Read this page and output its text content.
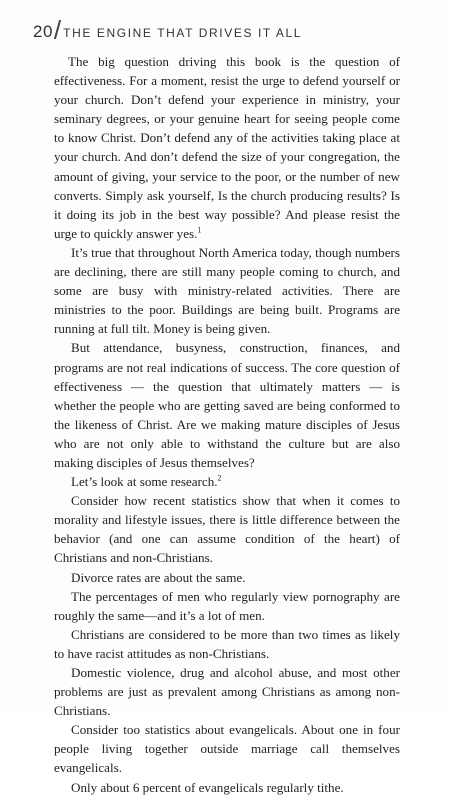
20 / THE ENGINE THAT DRIVES IT ALL

The big question driving this book is the question of effectiveness. For a moment, resist the urge to defend yourself or your church. Don’t defend your experience in ministry, your seminary degrees, or your genuine heart for seeing people come to know Christ. Don’t defend any of the activities taking place at your church. And don’t defend the size of your congregation, the amount of giving, your service to the poor, or the number of new converts. Simply ask yourself, Is the church producing results? Is it doing its job in the best way possible? And please resist the urge to quickly answer yes.$^1$

It’s true that throughout North America today, though numbers are declining, there are still many people coming to church, and some are busy with ministry-related activities. There are ministries to the poor. Buildings are being built. Programs are running at full tilt. Money is being given.

But attendance, busyness, construction, finances, and programs are not real indications of success. The core question of effectiveness — the question that ultimately matters — is whether the people who are getting saved are being conformed to the likeness of Christ. Are we making mature disciples of Jesus who are not only able to withstand the culture but are also making disciples of Jesus themselves?

Let’s look at some research.$^2$

Consider how recent statistics show that when it comes to morality and lifestyle issues, there is little difference between the behavior (and one can assume condition of the heart) of Christians and non-Christians.

Divorce rates are about the same.

The percentages of men who regularly view pornography are roughly the same—and it’s a lot of men.

Christians are considered to be more than two times as likely to have racist attitudes as non-Christians.

Domestic violence, drug and alcohol abuse, and most other problems are just as prevalent among Christians as among non-Christians.

Consider too statistics about evangelicals. About one in four people living together outside marriage call themselves evangelicals.

Only about 6 percent of evangelicals regularly tithe.
